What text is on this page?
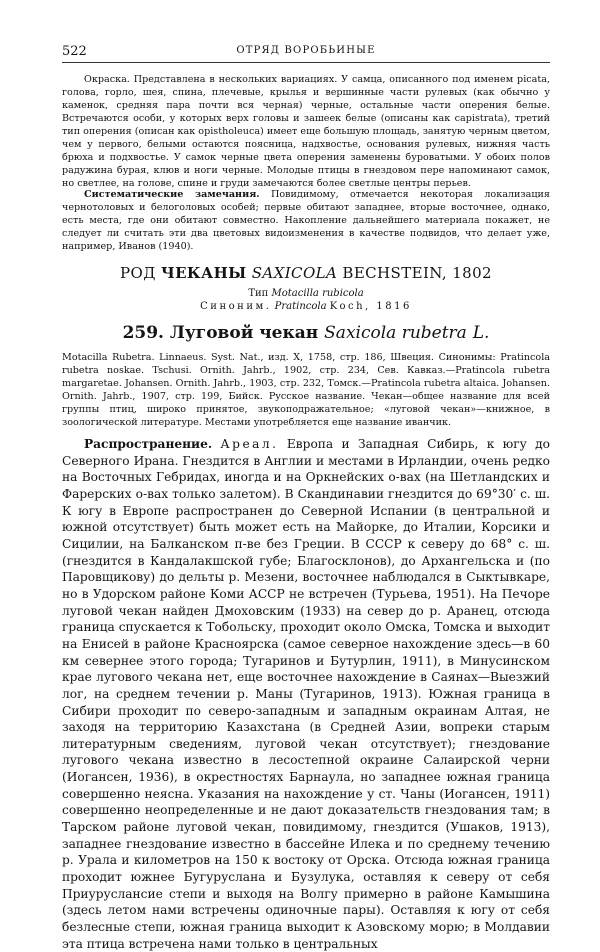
522	ОТРЯД ВОРОБЬИНЫЕ

Окраска. Представлена в нескольких вариациях. У самца, описанного под именем picata, голова, горло, шея, спина, плечевые, крылья и вершинные части рулевых (как обычно у каменок, средняя пара почти вся черная) черные, остальные части оперения белые. Встречаются особи, у которых верх головы и зашеек белые (описаны как capistrata), третий тип оперения (описан как opistholeuca) имеет еще большую площадь, занятую черным цветом, чем у первого, белыми остаются поясница, надхвостье, основания рулевых, нижняя часть брюха и подхвостье. У самок черные цвета оперения заменены буроватыми. У обоих полов радужина бурая, клюв и ноги черные. Молодые птицы в гнездовом пере напоминают самок, но светлее, на голове, спине и груди замечаются более светлые центры перьев.

Систематические замечания. Повидимому, отмечается некоторая локализация чернотоловых и белоголовых особей; первые обитают западнее, вторые восточнее, однако, есть места, где они обитают совместно. Накопление дальнейшего материала покажет, не следует ли считать эти два цветовых видоизменения в качестве подвидов, что делает уже, например, Иванов (1940).

РОД ЧЕКАНЫ SAXICOLA BECHSTEIN, 1802
Тип Motacilla rubicola
Синоним. Pratincola Koch, 1816
259. Луговой чекан Saxicola rubetra L.

Motacilla Rubetra. Linnaeus. Syst. Nat., изд. X, 1758, стр. 186, Швеция. Синонимы: Pratincola rubetra noskae. Tschusi. Ornith. Jahrb., 1902, стр. 234, Сев. Кавказ.—Pratincola rubetra margaretae. Johansen. Ornith. Jahrb., 1903, стр. 232, Томск.—Pratincola rubetra altaica. Johansen. Ornith. Jahrb., 1907, стр. 199, Бийск. Русское название. Чекан—общее название для всей группы птиц, широко принятое, звукоподражательное; «луговой чекан»—книжное, в зоологической литературе. Местами употребляется еще название иванчик.

Распространение. Ареал. Европа и Западная Сибирь, к югу до Северного Ирана. Гнездится в Англии и местами в Ирландии, очень редко на Восточных Гебридах, иногда и на Оркнейских о-вах (на Шетландских и Фарерских о-вах только залетом). В Скандинавии гнездится до 69°30′ с. ш. К югу в Европе распространен до Северной Испании (в центральной и южной отсутствует) быть может есть на Майорке, до Италии, Корсики и Сицилии, на Балканском п-ве без Греции. В СССР к северу до 68° с. ш. (гнездится в Кандалакшской губе; Благосклонов), до Архангельска и (по Паровщикову) до дельты р. Мезени, восточнее наблюдался в Сыктывкаре, но в Удорском районе Коми АССР не встречен (Турьева, 1951). На Печоре луговой чекан найден Дмоховским (1933) на север до р. Аранец, отсюда граница спускается к Тобольску, проходит около Омска, Томска и выходит на Енисей в районе Красноярска (самое северное нахождение здесь—в 60 км севернее этого города; Тугаринов и Бутурлин, 1911), в Минусинском крае лугового чекана нет, еще восточнее нахождение в Саянах—Выезжий лог, на среднем течении р. Маны (Тугаринов, 1913). Южная граница в Сибири проходит по северо-западным и западным окраинам Алтая, не заходя на территорию Казахстана (в Средней Азии, вопреки старым литературным сведениям, луговой чекан отсутствует); гнездование лугового чекана известно в лесостепной окраине Салаирской черни (Иогансен, 1936), в окрестностях Барнаула, но западнее южная граница совершенно неясна. Указания на нахождение у ст. Чаны (Иогансен, 1911) совершенно неопределенные и не дают доказательств гнездования там; в Тарском районе луговой чекан, повидимому, гнездится (Ушаков, 1913), западнее гнездование известно в бассейне Илека и по среднему течению р. Урала и километров на 150 к востоку от Орска. Отсюда южная граница проходит южнее Бугуруслана и Бузулука, оставляя к северу от себя Приуруслансие степи и выходя на Волгу примерно в районе Камышина (здесь летом нами встречены одиночные пары). Оставляя к югу от себя безлесные степи, южная граница выходит к Азовскому морю; в Молдавии эта птица встречена нами только в центральных
